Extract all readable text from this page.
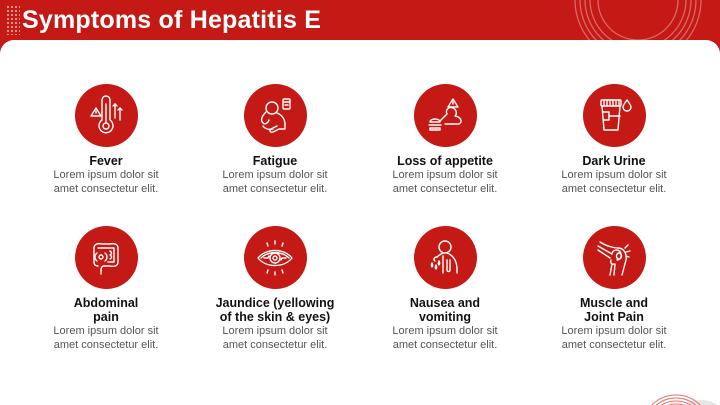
Symptoms of Hepatitis E
Fever
Lorem ipsum dolor sit
amet consectetur elit.
Fatigue
Lorem ipsum dolor sit
amet consectetur elit.
Loss of appetite
Lorem ipsum dolor sit
amet consectetur elit.
Dark Urine
Lorem ipsum dolor sit
amet consectetur elit.
Abdominal
pain
Lorem ipsum dolor sit
amet consectetur elit.
Jaundice (yellowing
of the skin & eyes)
Lorem ipsum dolor sit
amet consectetur elit.
Nausea and
vomiting
Lorem ipsum dolor sit
amet consectetur elit.
Muscle and
Joint Pain
Lorem ipsum dolor sit
amet consectetur elit.
